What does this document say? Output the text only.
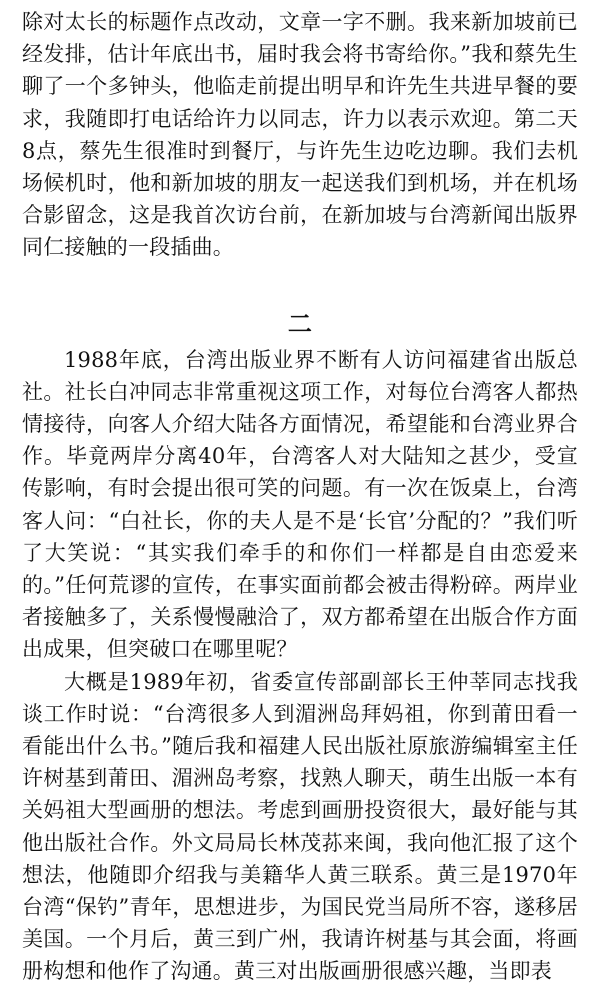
除对太长的标题作点改动，文章一字不删。我来新加坡前已经发排，估计年底出书，届时我会将书寄给你。”我和蔡先生聊了一个多钟头，他临走前提出明早和许先生共进早餐的要求，我随即打电话给许力以同志，许力以表示欢迎。第二天8点，蔡先生很准时到餐厅，与许先生边吃边聊。我们去机场候机时，他和新加坡的朋友一起送我们到机场，并在机场合影留念，这是我首次访台前，在新加坡与台湾新闻出版界同仁接触的一段插曲。

二

1988年底，台湾出版业界不断有人访问福建省出版总社。社长白冲同志非常重视这项工作，对每位台湾客人都热情接待，向客人介绍大陆各方面情况，希望能和台湾业界合作。毕竟两岸分离40年，台湾客人对大陆知之甚少，受宣传影响，有时会提出很可笑的问题。有一次在饭桌上，台湾客人问：“白社长，你的夫人是不是‘长官’分配的？”我们听了大笑说：“其实我们牵手的和你们一样都是自由恋爱来的。”任何荒谬的宣传，在事实面前都会被击得粉碎。两岸业者接触多了，关系慢慢融洽了，双方都希望在出版合作方面出成果，但突破口在哪里呢？

大概是1989年初，省委宣传部副部长王仲莘同志找我谈工作时说：“台湾很多人到湄洲岛拜妈祖，你到莆田看一看能出什么书。”随后我和福建人民出版社原旅游编辑室主任许树基到莆田、湄洲岛考察，找熟人聊天，萌生出版一本有关妈祖大型画册的想法。考虑到画册投资很大，最好能与其他出版社合作。外文局局长林茂荪来闽，我向他汇报了这个想法，他随即介绍我与美籍华人黄三联系。黄三是1970年台湾“保钓”青年，思想进步，为国民党当局所不容，遂移居美国。一个月后，黄三到广州，我请许树基与其会面，将画册构想和他作了沟通。黄三对出版画册很感兴趣，当即表
